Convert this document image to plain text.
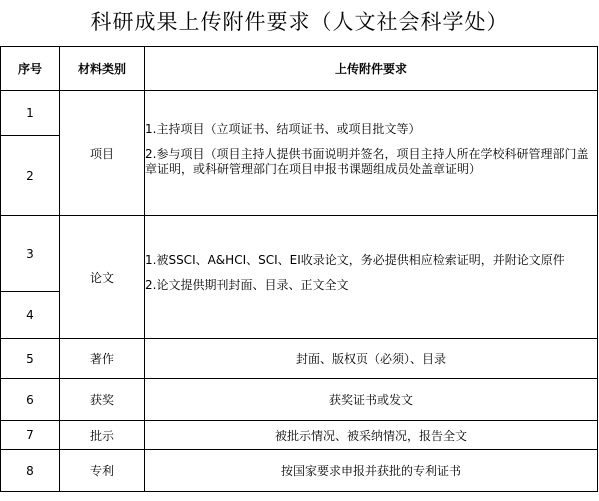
科研成果上传附件要求（人文社会科学处）
序号	材料类别	上传附件要求
1	项目	1.主持项目（立项证书、结项证书、或项目批文等）
2.参与项目（项目主持人提供书面说明并签名，项目主持人所在学校科研管理部门盖章证明，或科研管理部门在项目申报书课题组成员处盖章证明）

2		
3	论文	1.被SSCI、A&HCI、SCI、EI收录论文，务必提供相应检索证明，并附论文原件
2.论文提供期刊封面、目录、正文全文

4		
5	著作	封面、版权页（必须）、目录
6	获奖	获奖证书或发文
7	批示	被批示情况、被采纳情况，报告全文
8	专利	按国家要求申报并获批的专利证书
